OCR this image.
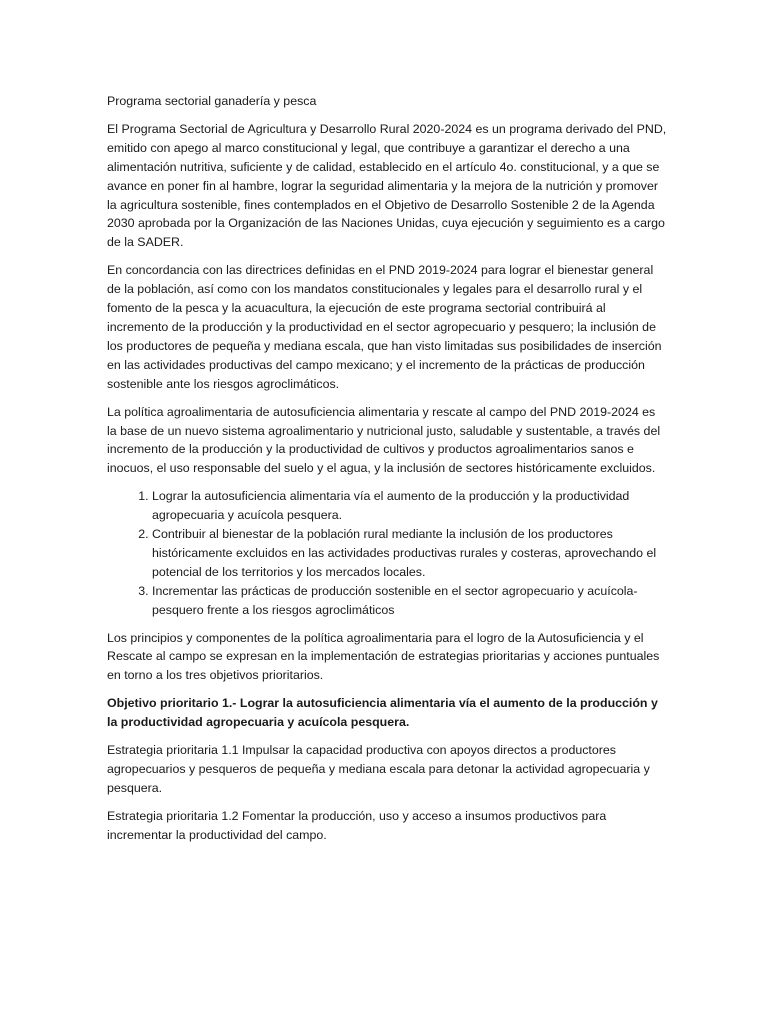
Programa sectorial ganadería y pesca

El Programa Sectorial de Agricultura y Desarrollo Rural 2020-2024 es un programa derivado del PND, emitido con apego al marco constitucional y legal, que contribuye a garantizar el derecho a una alimentación nutritiva, suficiente y de calidad, establecido en el artículo 4o. constitucional, y a que se avance en poner fin al hambre, lograr la seguridad alimentaria y la mejora de la nutrición y promover la agricultura sostenible, fines contemplados en el Objetivo de Desarrollo Sostenible 2 de la Agenda 2030 aprobada por la Organización de las Naciones Unidas, cuya ejecución y seguimiento es a cargo de la SADER.

En concordancia con las directrices definidas en el PND 2019-2024 para lograr el bienestar general de la población, así como con los mandatos constitucionales y legales para el desarrollo rural y el fomento de la pesca y la acuacultura, la ejecución de este programa sectorial contribuirá al incremento de la producción y la productividad en el sector agropecuario y pesquero; la inclusión de los productores de pequeña y mediana escala, que han visto limitadas sus posibilidades de inserción en las actividades productivas del campo mexicano; y el incremento de la prácticas de producción sostenible ante los riesgos agroclimáticos.

La política agroalimentaria de autosuficiencia alimentaria y rescate al campo del PND 2019-2024 es la base de un nuevo sistema agroalimentario y nutricional justo, saludable y sustentable, a través del incremento de la producción y la productividad de cultivos y productos agroalimentarios sanos e inocuos, el uso responsable del suelo y el agua, y la inclusión de sectores históricamente excluidos.

1. Lograr la autosuficiencia alimentaria vía el aumento de la producción y la productividad agropecuaria y acuícola pesquera.
2. Contribuir al bienestar de la población rural mediante la inclusión de los productores históricamente excluidos en las actividades productivas rurales y costeras, aprovechando el potencial de los territorios y los mercados locales.
3. Incrementar las prácticas de producción sostenible en el sector agropecuario y acuícola-pesquero frente a los riesgos agroclimáticos

Los principios y componentes de la política agroalimentaria para el logro de la Autosuficiencia y el Rescate al campo se expresan en la implementación de estrategias prioritarias y acciones puntuales en torno a los tres objetivos prioritarios.

Objetivo prioritario 1.- Lograr la autosuficiencia alimentaria vía el aumento de la producción y la productividad agropecuaria y acuícola pesquera.

Estrategia prioritaria 1.1 Impulsar la capacidad productiva con apoyos directos a productores agropecuarios y pesqueros de pequeña y mediana escala para detonar la actividad agropecuaria y pesquera.

Estrategia prioritaria 1.2 Fomentar la producción, uso y acceso a insumos productivos para incrementar la productividad del campo.
